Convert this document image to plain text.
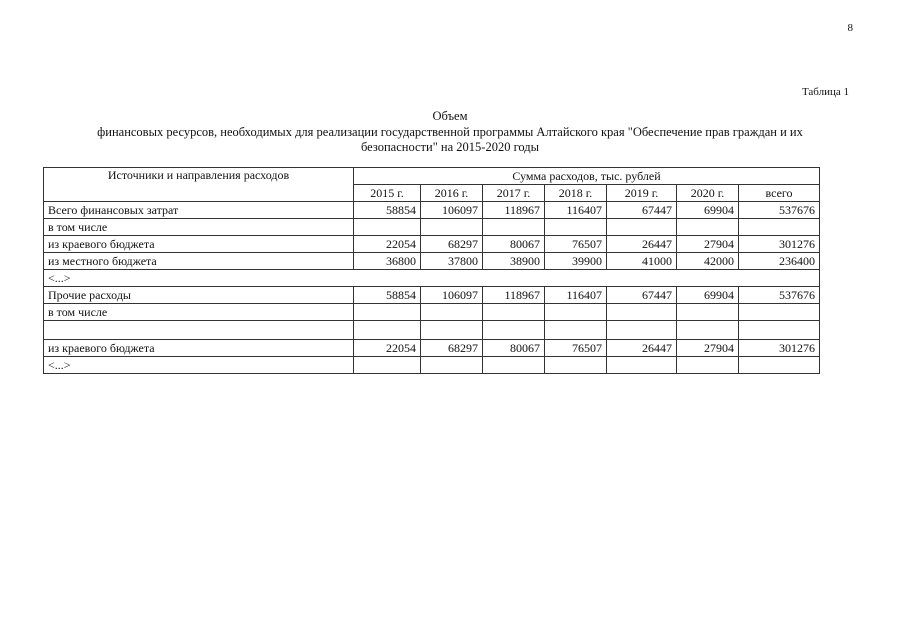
8
Таблица 1
Объем
финансовых ресурсов, необходимых для реализации государственной программы Алтайского края "Обеспечение прав граждан и их
безопасности" на 2015-2020 годы
Источники и направления расходов	Сумма расходов, тыс. рублей						
	2015 г.	2016 г.	2017 г.	2018 г.	2019 г.	2020 г.	всего
Всего финансовых затрат	58854	106097	118967	116407	67447	69904	537676
в том числе							
из краевого бюджета	22054	68297	80067	76507	26447	27904	301276
из местного бюджета	36800	37800	38900	39900	41000	42000	236400
<...>							
Прочие расходы	58854	106097	118967	116407	67447	69904	537676
в том числе							

из краевого бюджета	22054	68297	80067	76507	26447	27904	301276
<...>							
